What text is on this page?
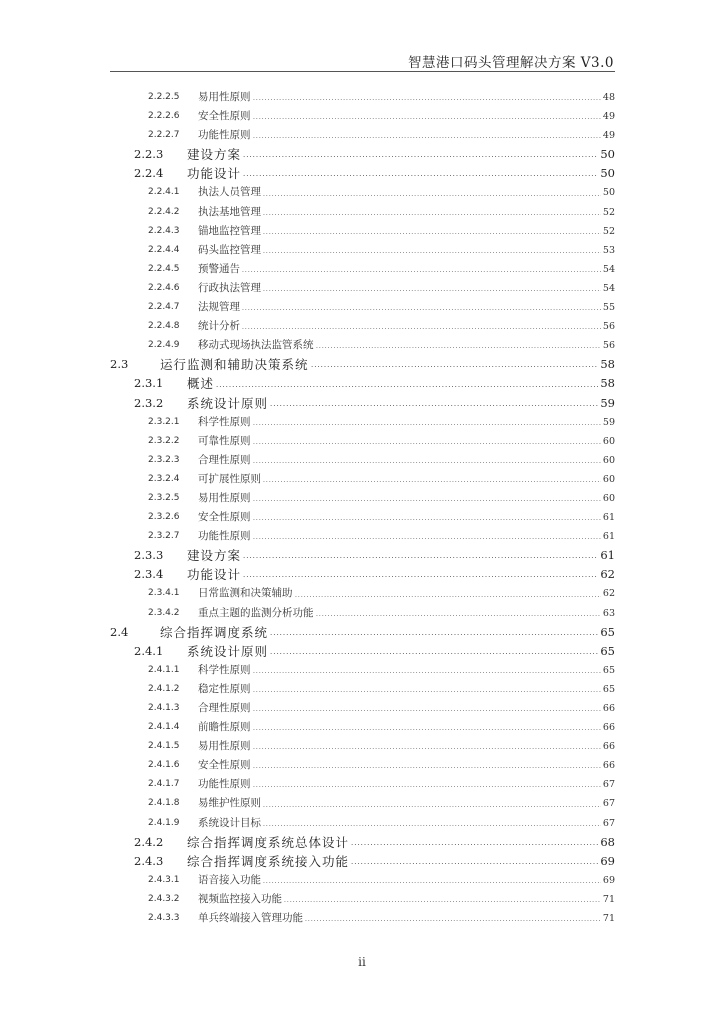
智慧港口码头管理解决方案 V3.0
2.2.2.5 易用性原则 .....	48
2.2.2.6 安全性原则 .....	49
2.2.2.7 功能性原则 .....	49
2.2.3 建设方案 .....	50
2.2.4 功能设计 .....	50
2.2.4.1 执法人员管理 .....	50
2.2.4.2 执法基地管理 .....	52
2.2.4.3 锚地监控管理 .....	52
2.2.4.4 码头监控管理 .....	53
2.2.4.5 预警通告 .....	54
2.2.4.6 行政执法管理 .....	54
2.2.4.7 法规管理 .....	55
2.2.4.8 统计分析 .....	56
2.2.4.9 移动式现场执法监管系统 .....	56
2.3	运行监测和辅助决策系统 .....	58
2.3.1 概述 .....	58
2.3.2 系统设计原则 .....	59
2.3.2.1 科学性原则 .....	59
2.3.2.2 可靠性原则 .....	60
2.3.2.3 合理性原则 .....	60
2.3.2.4 可扩展性原则 .....	60
2.3.2.5 易用性原则 .....	60
2.3.2.6 安全性原则 .....	61
2.3.2.7 功能性原则 .....	61
2.3.3 建设方案 .....	61
2.3.4 功能设计 .....	62
2.3.4.1 日常监测和决策辅助 .....	62
2.3.4.2 重点主题的监测分析功能 .....	63
2.4	综合指挥调度系统 .....	65
2.4.1 系统设计原则 .....	65
2.4.1.1 科学性原则 .....	65
2.4.1.2 稳定性原则 .....	65
2.4.1.3 合理性原则 .....	66
2.4.1.4 前瞻性原则 .....	66
2.4.1.5 易用性原则 .....	66
2.4.1.6 安全性原则 .....	66
2.4.1.7 功能性原则 .....	67
2.4.1.8 易维护性原则 .....	67
2.4.1.9 系统设计目标 .....	67
2.4.2 综合指挥调度系统总体设计 .....	68
2.4.3 综合指挥调度系统接入功能 .....	69
2.4.3.1 语音接入功能 .....	69
2.4.3.2 视频监控接入功能 .....	71
2.4.3.3 单兵终端接入管理功能 .....	71
ii
